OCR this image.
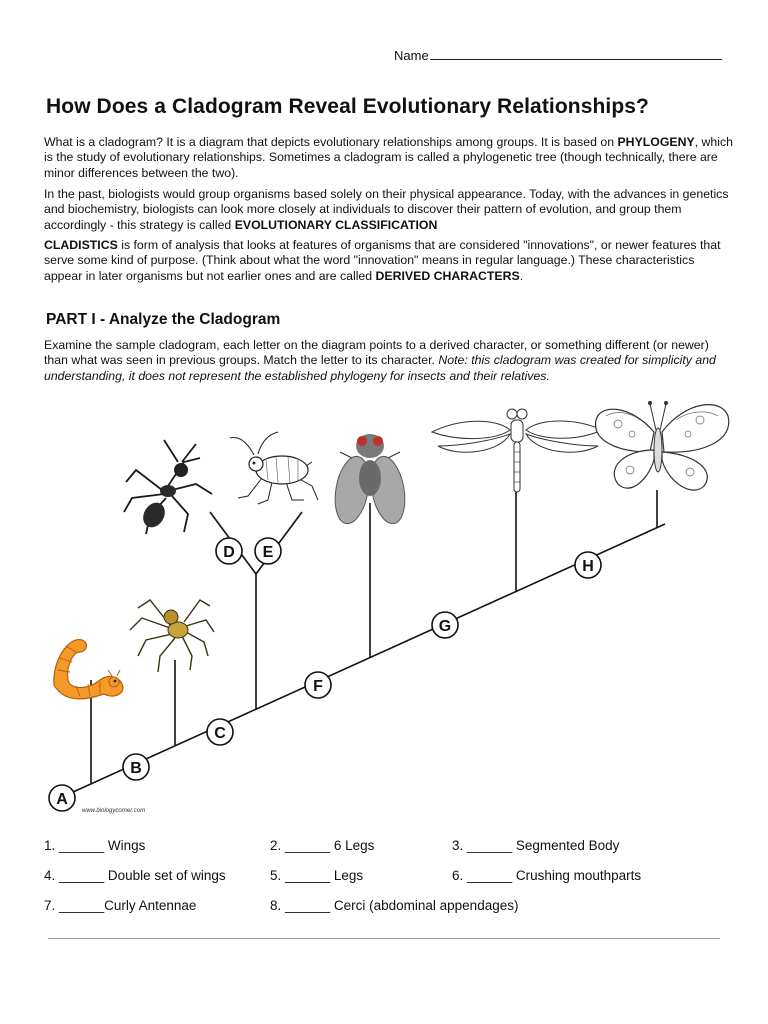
Name
How Does a Cladogram Reveal Evolutionary Relationships?

What is a cladogram? It is a diagram that depicts evolutionary relationships among groups. It is based on PHYLOGENY, which is the study of evolutionary relationships. Sometimes a cladogram is called a phylogenetic tree (though technically, there are minor differences between the two).

In the past, biologists would group organisms based solely on their physical appearance. Today, with the advances in genetics and biochemistry, biologists can look more closely at individuals to discover their pattern of evolution, and group them accordingly - this strategy is called EVOLUTIONARY CLASSIFICATION

CLADISTICS is form of analysis that looks at features of organisms that are considered "innovations", or newer features that serve some kind of purpose. (Think about what the word "innovation" means in regular language.) These characteristics appear in later organisms but not earlier ones and are called DERIVED CHARACTERS.

PART I - Analyze the Cladogram

Examine the sample cladogram, each letter on the diagram points to a derived character, or something different (or newer) than what was seen in previous groups. Match the letter to its character. Note: this cladogram was created for simplicity and understanding, it does not represent the established phylogeny for insects and their relatives.

A
B
C
D E
F
G
H
www.biologycorner.com
1. ______ Wings	2. ______ 6 Legs	3. ______ Segmented Body
4. ______ Double set of wings	5. ______ Legs	6. ______ Crushing mouthparts
7. ______Curly Antennae	8. ______ Cerci (abdominal appendages)
